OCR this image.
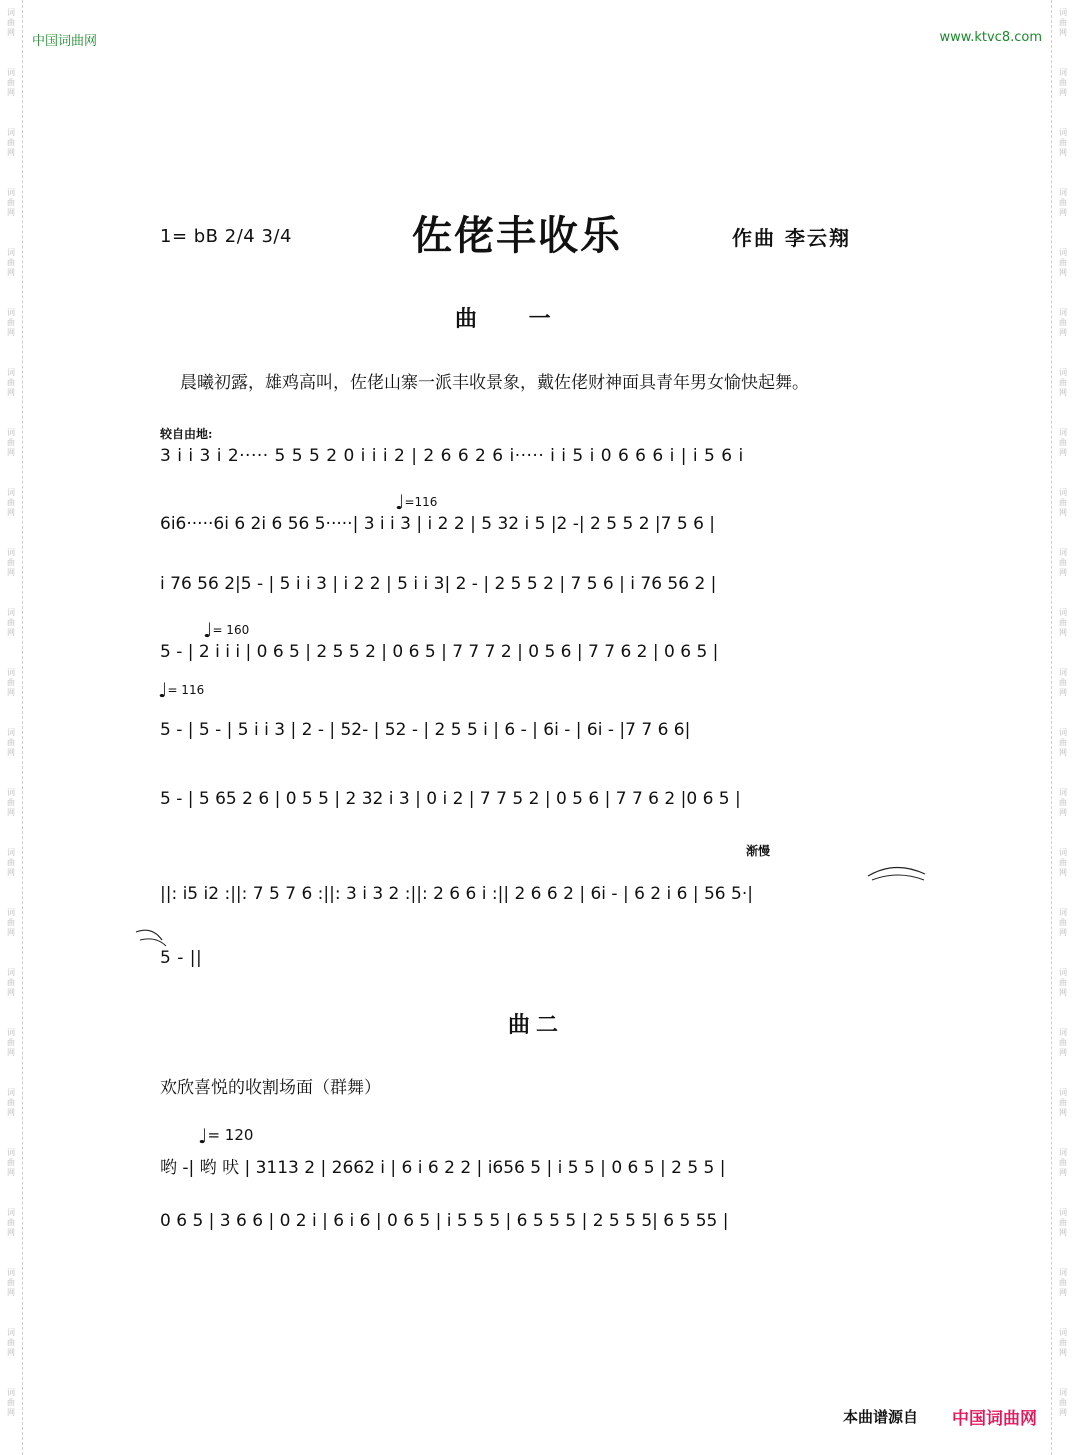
词
曲
网
词
曲
网
词
曲
网
词
曲
网
词
曲
网
词
曲
网
词
曲
网
词
曲
网
词
曲
网
词
曲
网
词
曲
网
词
曲
网
词
曲
网
词
曲
网
词
曲
网
词
曲
网
词
曲
网
词
曲
网
词
曲
网
词
曲
网
词
曲
网
词
曲
网
词
曲
网
词
曲
网
词
曲
网
词
曲
网
词
曲
网
词
曲
网
词
曲
网
词
曲
网
词
曲
网
词
曲
网
词
曲
网
词
曲
网
词
曲
网
词
曲
网
词
曲
网
词
曲
网
词
曲
网
词
曲
网
词
曲
网
词
曲
网
词
曲
网
词
曲
网
词
曲
网
词
曲
网
词
曲
网
词
曲
网
中国词曲网	www.ktvc8.com
1= bB 2/4 3/4	佐佬丰收乐	作曲 李云翔
曲 一
晨曦初露，雄鸡高叫，佐佬山寨一派丰收景象，戴佐佬财神面具青年男女愉快起舞。
较自由地:
3 i i 3 i 2····· 5 5 5 2 0 i i i 2 | 2 6 6 2 6 i····· i i 5 i 0 6 6 6 i | i 5 6 i
♩=116
6i6·····6i 6 2i 6 56 5·····| 3 i i 3 | i 2 2 | 5 32 i 5 |2 -| 2 5 5 2 |7 5 6 |
i 76 56 2|5 - | 5 i i 3 | i 2 2 | 5 i i 3| 2 - | 2 5 5 2 | 7 5 6 | i 76 56 2 |
♩= 160
5 - | 2 i i i | 0 6 5 | 2 5 5 2 | 0 6 5 | 7 7 7 2 | 0 5 6 | 7 7 6 2 | 0 6 5 |
♩= 116
5 - | 5 - | 5 i i 3 | 2 - | 52- | 52 - | 2 5 5 i | 6 - | 6i - | 6i - |7 7 6 6|
5 - | 5 65 2 6 | 0 5 5 | 2 32 i 3 | 0 i 2 | 7 7 5 2 | 0 5 6 | 7 7 6 2 |0 6 5 |
渐慢
||: i5 i2 :||: 7 5 7 6 :||: 3 i 3 2 :||: 2 6 6 i :|| 2 6 6 2 | 6i - | 6 2 i 6 | 56 5·|
5 - ||
曲二
欢欣喜悦的收割场面（群舞）
♩= 120
哟 -| 哟 吠 | 3113 2 | 2662 i | 6 i 6 2 2 | i656 5 | i 5 5 | 0 6 5 | 2 5 5 |
0 6 5 | 3 6 6 | 0 2 i | 6 i 6 | 0 6 5 | i 5 5 5 | 6 5 5 5 | 2 5 5 5| 6 5 55 |
本曲谱源自 中国词曲网
